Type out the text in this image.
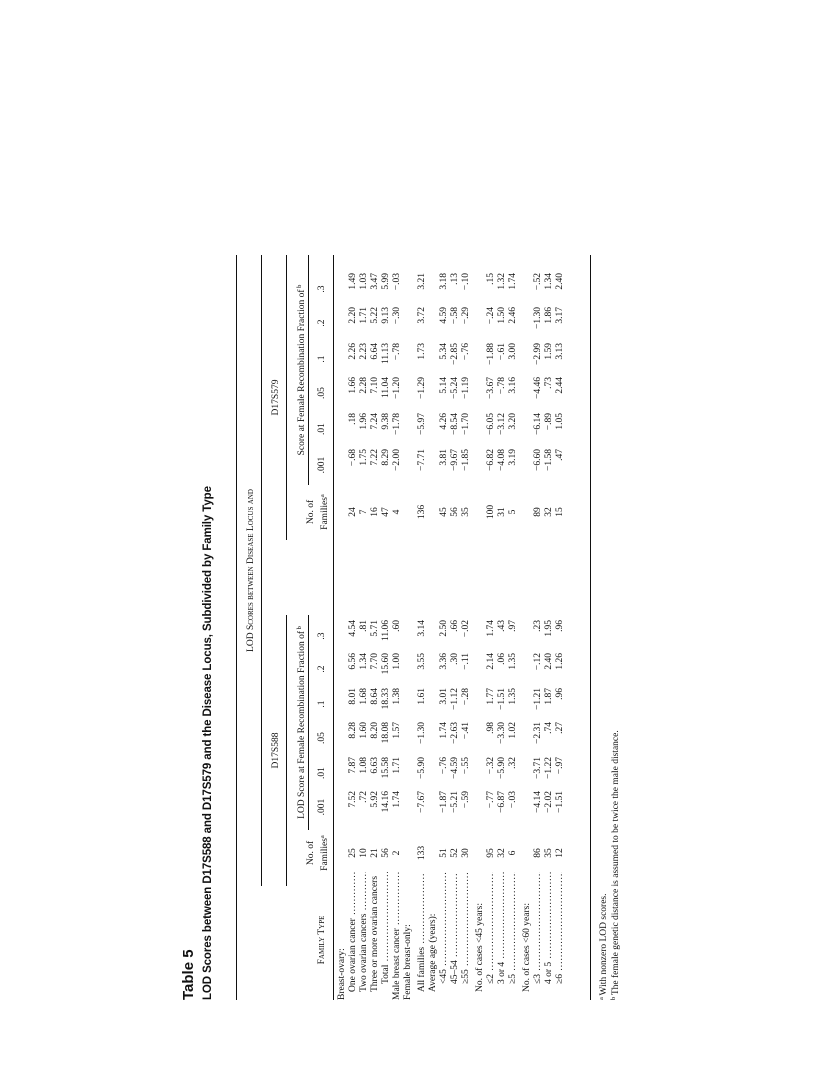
Table 5 LOD Scores between D17S588 and D17S579 and the Disease Locus, Subdivided by Family Type	LOD Scores between Disease Locus and
D17S588
D17S579
LOD Score at Female Recombination Fraction of $^b$
Score at Female Recombination Fraction of $^b$
No. of Families$^a$
No. of Families$^a$
Family Type
.001
.001
.01
.01
.05
.05
.1
.1
.2
.2
.3
.3
Breast-ovary: One ovarian cancer .....
25
24
7.52
7.87
8.28
8.01
6.56
4.54
−.68
.18
1.66
2.26
2.20
1.49
Two ovarian cancers .....
10
7
.72
1.08
1.60
1.68
1.34
.81
1.75
1.96
2.28
2.23
1.71
1.03
Three or more ovarian cancers .....
21
16
5.92
6.63
8.20
8.64
7.70
5.71
7.22
7.24
7.10
6.64
5.22
3.47
Total .....
56
47
14.16
15.58
18.08
18.33
15.60
11.06
8.29
9.38
11.04
11.13
9.13
5.99
Male breast cancer .....
2
4
1.74
1.71
1.57
1.38
1.00
.60
−2.00
−1.78
−1.20
−.78
−.30
−.03
Female breast-only: All families .....
133
136
−7.67
−5.90
−1.30
1.61
3.55
3.14
−7.71
−5.97
−1.29
1.73
3.72
3.21
Average age (years): <45 .....
51
45
−1.87
−.76
1.74
3.01
3.36
2.50
3.81
4.26
5.14
5.34
4.59
3.18
45–54 .....
52
56
−5.21
−4.59
−2.63
−1.12
.30
.66
−9.67
−8.54
−5.24
−2.85
−.58
.13
≥55 .....
30
35
−.59
−.55
−.41
−.28
−.11
−.02
−1.85
−1.70
−1.19
−.76
−.29
−.10
No. of cases <45 years: ≤2 .....
95
100
−.77
−.32
.98
1.77
2.14
1.74
−6.82
−6.05
−3.67
−1.88
−.24
.15
3 or 4 .....
32
31
−6.87
−5.90
−3.30
−1.51
.06
.43
−4.08
−3.12
−.78
−.61
1.50
1.32
≥5 .....
6
5
−.03
.32
1.02
1.35
1.35
.97
3.19
3.20
3.16
3.00
2.46
1.74
No. of cases <60 years: ≤3 .....
86
89
−4.14
−3.71
−2.31
−1.21
−.12
.23
−6.60
−6.14
−4.46
−2.99
−1.30
−.52
4 or 5 .....
35
32
−2.02
−1.22
.74
1.87
2.40
1.95
−1.58
−.89
.73
1.59
1.86
1.34
≥6 .....
12
15
−1.51
−.97
.27
.96
1.26
.96
.47
1.05
2.44
3.13
3.17
2.40
$^a$ With nonzero LOD scores.
$^b$ The female genetic distance is assumed to be twice the male distance.
